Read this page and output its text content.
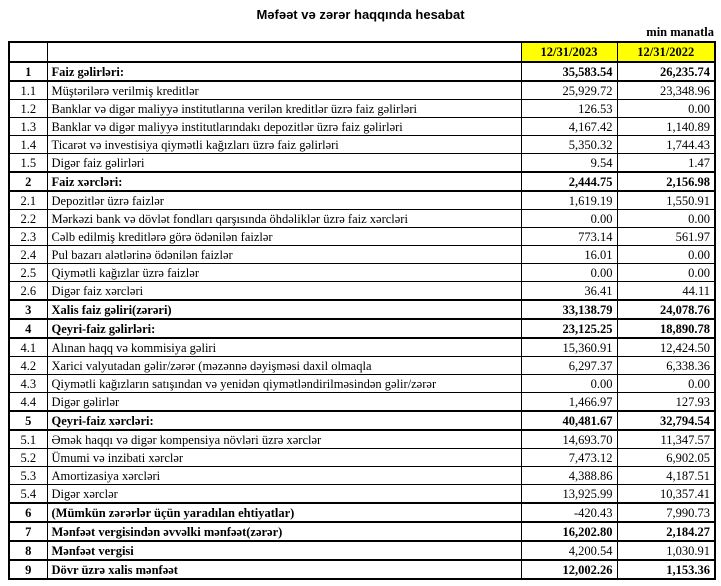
Məfəət və zərər haqqında hesabat
min manatla
		12/31/2023	12/31/2022
1	Faiz gəlirləri:	35,583.54	26,235.74
1.1	Müştərilərə verilmiş kreditlər	25,929.72	23,348.96
1.2	Banklar və digər maliyyə institutlarına verilən kreditlər üzrə faiz gəlirləri	126.53	0.00
1.3	Banklar və digər maliyyə institutlarındakı depozitlər üzrə faiz gəlirləri	4,167.42	1,140.89
1.4	Ticarət və investisiya qiymətli kağızları üzrə faiz gəlirləri	5,350.32	1,744.43
1.5	Digər faiz gəlirləri	9.54	1.47
2	Faiz xərcləri:	2,444.75	2,156.98
2.1	Depozitlər üzrə faizlər	1,619.19	1,550.91
2.2	Mərkəzi bank və dövlət fondları qarşısında öhdəliklər üzrə faiz xərcləri	0.00	0.00
2.3	Cəlb edilmiş kreditlərə görə ödənilən faizlər	773.14	561.97
2.4	Pul bazarı alətlərinə ödənilən faizlər	16.01	0.00
2.5	Qiymətli kağızlar üzrə faizlər	0.00	0.00
2.6	Digər faiz xərcləri	36.41	44.11
3	Xalis faiz gəliri(zərəri)	33,138.79	24,078.76
4	Qeyri-faiz gəlirləri:	23,125.25	18,890.78
4.1	Alınan haqq və kommisiya gəliri	15,360.91	12,424.50
4.2	Xarici valyutadan gəlir/zərər (məzənnə dəyişməsi daxil olmaqla	6,297.37	6,338.36
4.3	Qiymətli kağızların satışından və yenidən qiymətləndirilməsindən gəlir/zərər	0.00	0.00
4.4	Digər gəlirlər	1,466.97	127.93
5	Qeyri-faiz xərcləri:	40,481.67	32,794.54
5.1	Əmək haqqı və digər kompensiya növləri üzrə xərclər	14,693.70	11,347.57
5.2	Ümumi və inzibati xərclər	7,473.12	6,902.05
5.3	Amortizasiya xərcləri	4,388.86	4,187.51
5.4	Digər xərclər	13,925.99	10,357.41
6	(Mümkün zərərlər üçün yaradılan ehtiyatlar)	-420.43	7,990.73
7	Mənfəət vergisindən əvvəlki mənfəət(zərər)	16,202.80	2,184.27
8	Mənfəət vergisi	4,200.54	1,030.91
9	Dövr üzrə xalis mənfəət	12,002.26	1,153.36
